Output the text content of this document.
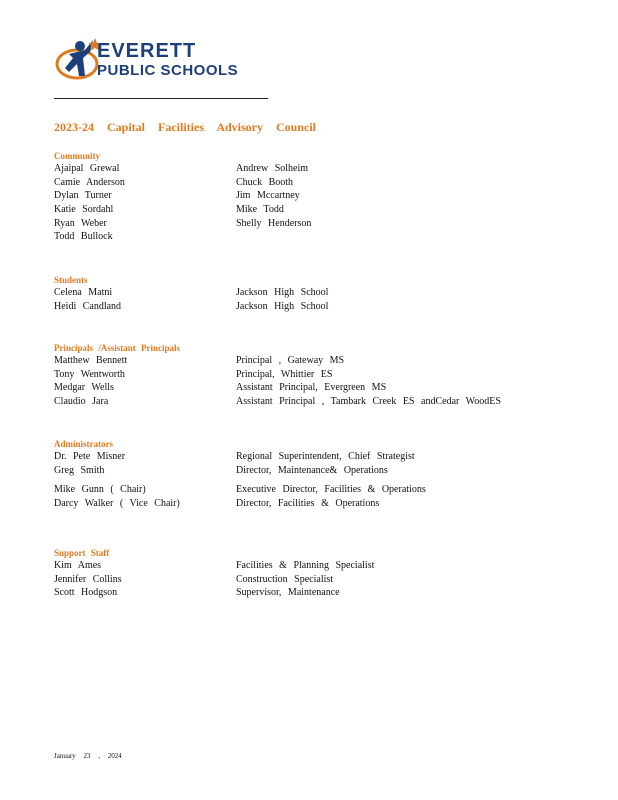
EVERETT
PUBLIC SCHOOLS
2023-24 Capital Facilities Advisory Council
Community
Ajaipal Grewal	Andrew Solheim
Camie Anderson	Chuck Booth
Dylan Turner	Jim Mccartney
Katie Sordahl	Mike Todd
Ryan Weber	Shelly Henderson
Todd Bullock
Students
Celena Matni	Jackson High School
Heidi Candland	Jackson High School
Principals /Assistant Principals
Matthew Bennett	Principal , Gateway MS
Tony Wentworth	Principal, Whittier ES
Medgar Wells	Assistant Principal, Evergreen MS
Claudio Jara	Assistant Principal , Tambark Creek ES andCedar WoodES
Administrators
Dr. Pete Misner	Regional Superintendent, Chief Strategist
Greg Smith	Director, Maintenance& Operations
Mike Gunn ( Chair)	Executive Director, Facilities & Operations
Darcy Walker ( Vice Chair)	Director, Facilities & Operations
Support Staff
Kim Ames	Facilities & Planning Specialist
Jennifer Collins	Construction Specialist
Scott Hodgson	Supervisor, Maintenance
January 23 , 2024
